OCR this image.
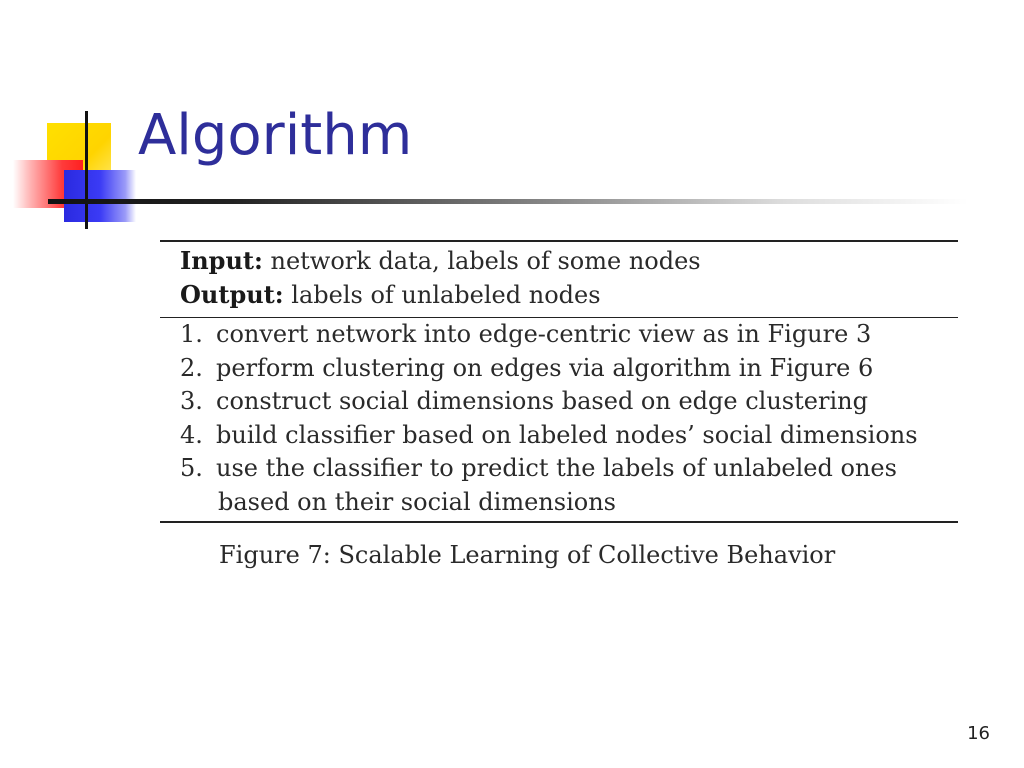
Algorithm
Input: network data, labels of some nodes
Output: labels of unlabeled nodes
1. convert network into edge-centric view as in Figure 3
2. perform clustering on edges via algorithm in Figure 6
3. construct social dimensions based on edge clustering
4. build classifier based on labeled nodes’ social dimensions
5. use the classifier to predict the labels of unlabeled ones
based on their social dimensions
Figure 7: Scalable Learning of Collective Behavior
16
